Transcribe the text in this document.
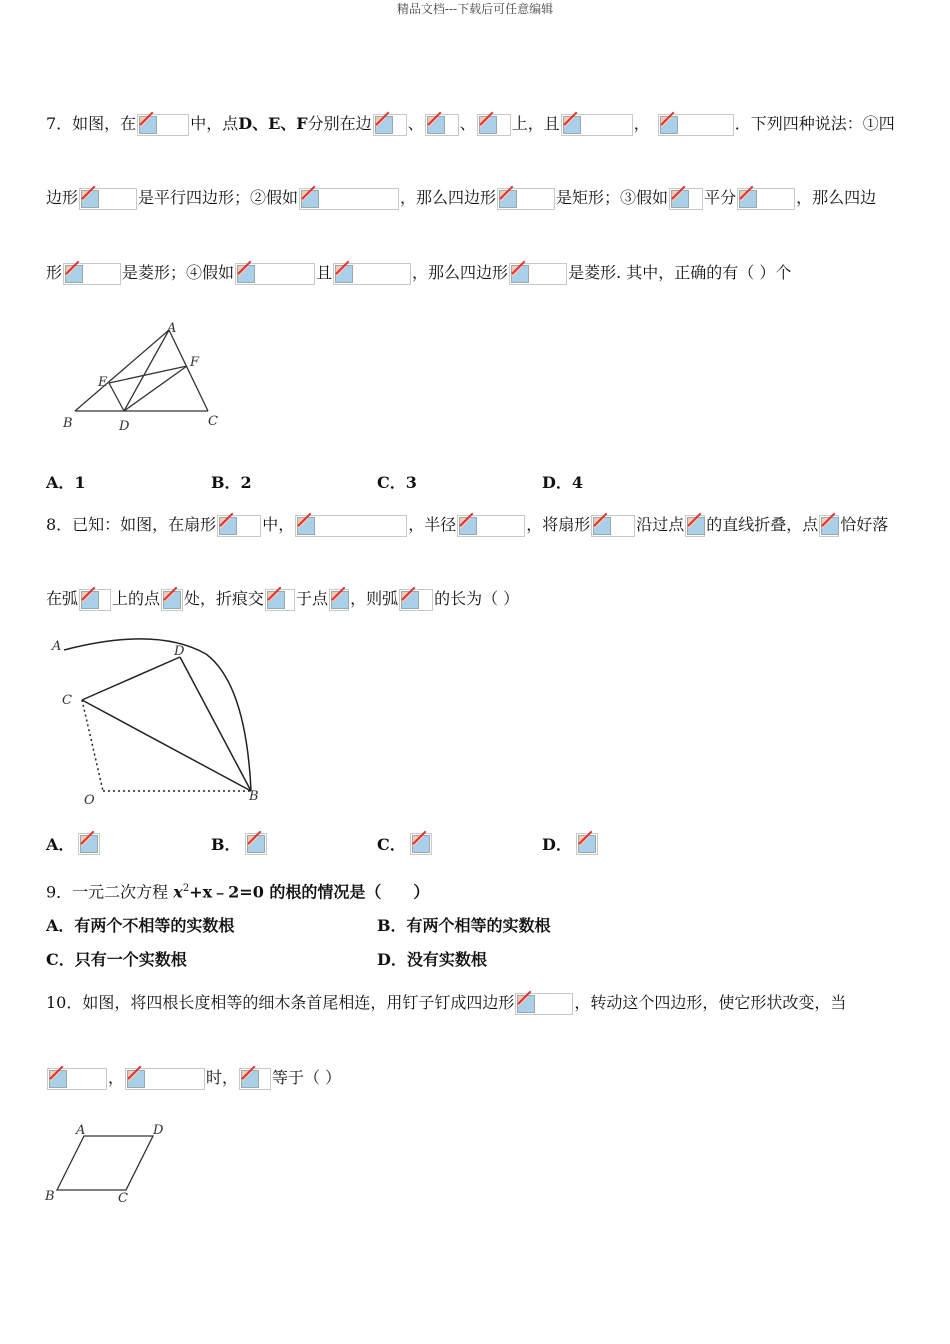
精品文档---下载后可任意编辑
7．如图，在	中，点D、E、F分别在边 、 、 上，且	，	．下列四种说法：①四
边形	是平行四边形；②假如	，那么四边形	是矩形；③假如 平分	，那么四边
形	是菱形；④假如	且	，那么四边形	是菱形. 其中，正确的有（ ）个
A
E
F
B	D	C
A．1	B．2	C．3	D．4
8．已知：如图，在扇形	中，	，半径	，将扇形	沿过点 的直线折叠，点 恰好落
在弧 上的点 处，折痕交 于点 ，则弧 的长为（ ）
A	D
C
O	B
A．	B．	C．	D．
9．一元二次方程 $x^2+x﹣2=0$ 的根的情况是（　　）
A．有两个不相等的实数根	B．有两个相等的实数根
C．只有一个实数根	D．没有实数根
10．如图，将四根长度相等的细木条首尾相连，用钉子钉成四边形	，转动这个四边形，使它形状改变，当
，	时， 等于（ ）
A	D
B	C
